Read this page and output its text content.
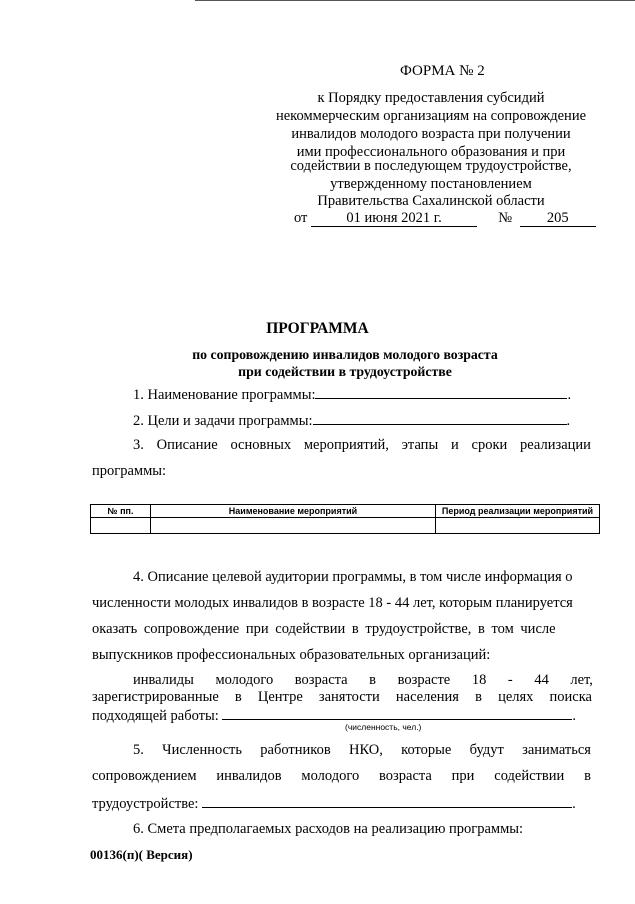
ФОРМА № 2
к Порядку предоставления субсидий
некоммерческим организациям на сопровождение
инвалидов молодого возраста при получении
ими профессионального образования и при
содействии в последующем трудоустройстве,
утвержденному постановлением
Правительства Сахалинской области
от	01 июня 2021 г.	№ 205
ПРОГРАММА
по сопровождению инвалидов молодого возраста
при содействии в трудоустройстве
1. Наименование программы:	.
2. Цели и задачи программы:	.
3. Описание основных мероприятий, этапы и сроки реализации
программы:
№ пп.	Наименование мероприятий	Период реализации мероприятий

4. Описание целевой аудитории программы, в том числе информация о
численности молодых инвалидов в возрасте 18 - 44 лет, которым планируется
оказать сопровождение при содействии в трудоустройстве, в том числе
выпускников профессиональных образовательных организаций:
инвалиды молодого возраста в возрасте 18 - 44 лет,
зарегистрированные в Центре занятости населения в целях поиска
подходящей работы:	.
(численность, чел.)
5. Численность работников НКО, которые будут заниматься
сопровождением инвалидов молодого возраста при содействии в
трудоустройстве:	.
6. Смета предполагаемых расходов на реализацию программы:
00136(п)( Версия)
